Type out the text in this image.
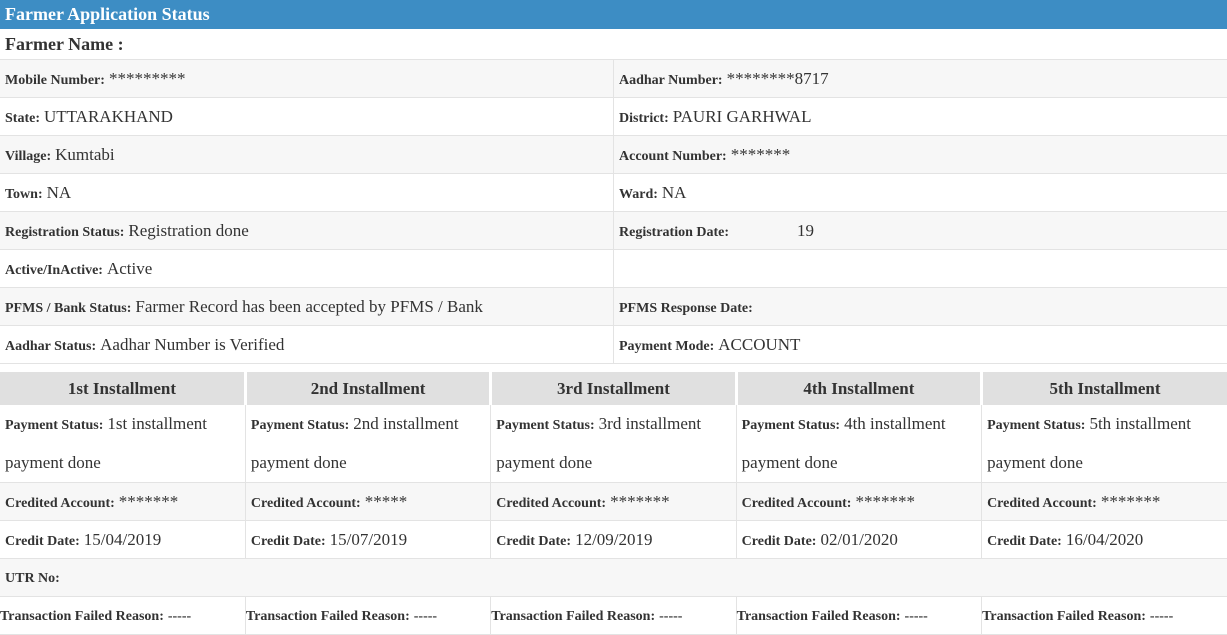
Farmer Application Status
Farmer Name :
Mobile Number: *********	Aadhar Number: ********8717
State: UTTARAKHAND	District: PAURI GARHWAL
Village: Kumtabi	Account Number: *******
Town: NA	Ward: NA
Registration Status: Registration done	Registration Date: 19
Active/InActive: Active	
PFMS / Bank Status: Farmer Record has been accepted by PFMS / Bank	PFMS Response Date:
Aadhar Status: Aadhar Number is Verified	Payment Mode: ACCOUNT
1st Installment	2nd Installment	3rd Installment	4th Installment	5th Installment
Payment Status: 1st installment payment done	Payment Status: 2nd installment payment done	Payment Status: 3rd installment payment done	Payment Status: 4th installment payment done	Payment Status: 5th installment payment done
Credited Account: *******	Credited Account: *****	Credited Account: *******	Credited Account: *******	Credited Account: *******
Credit Date: 15/04/2019	Credit Date: 15/07/2019	Credit Date: 12/09/2019	Credit Date: 02/01/2020	Credit Date: 16/04/2020
UTR No:				
Transaction Failed Reason: -----	Transaction Failed Reason: -----	Transaction Failed Reason: -----	Transaction Failed Reason: -----	Transaction Failed Reason: -----
